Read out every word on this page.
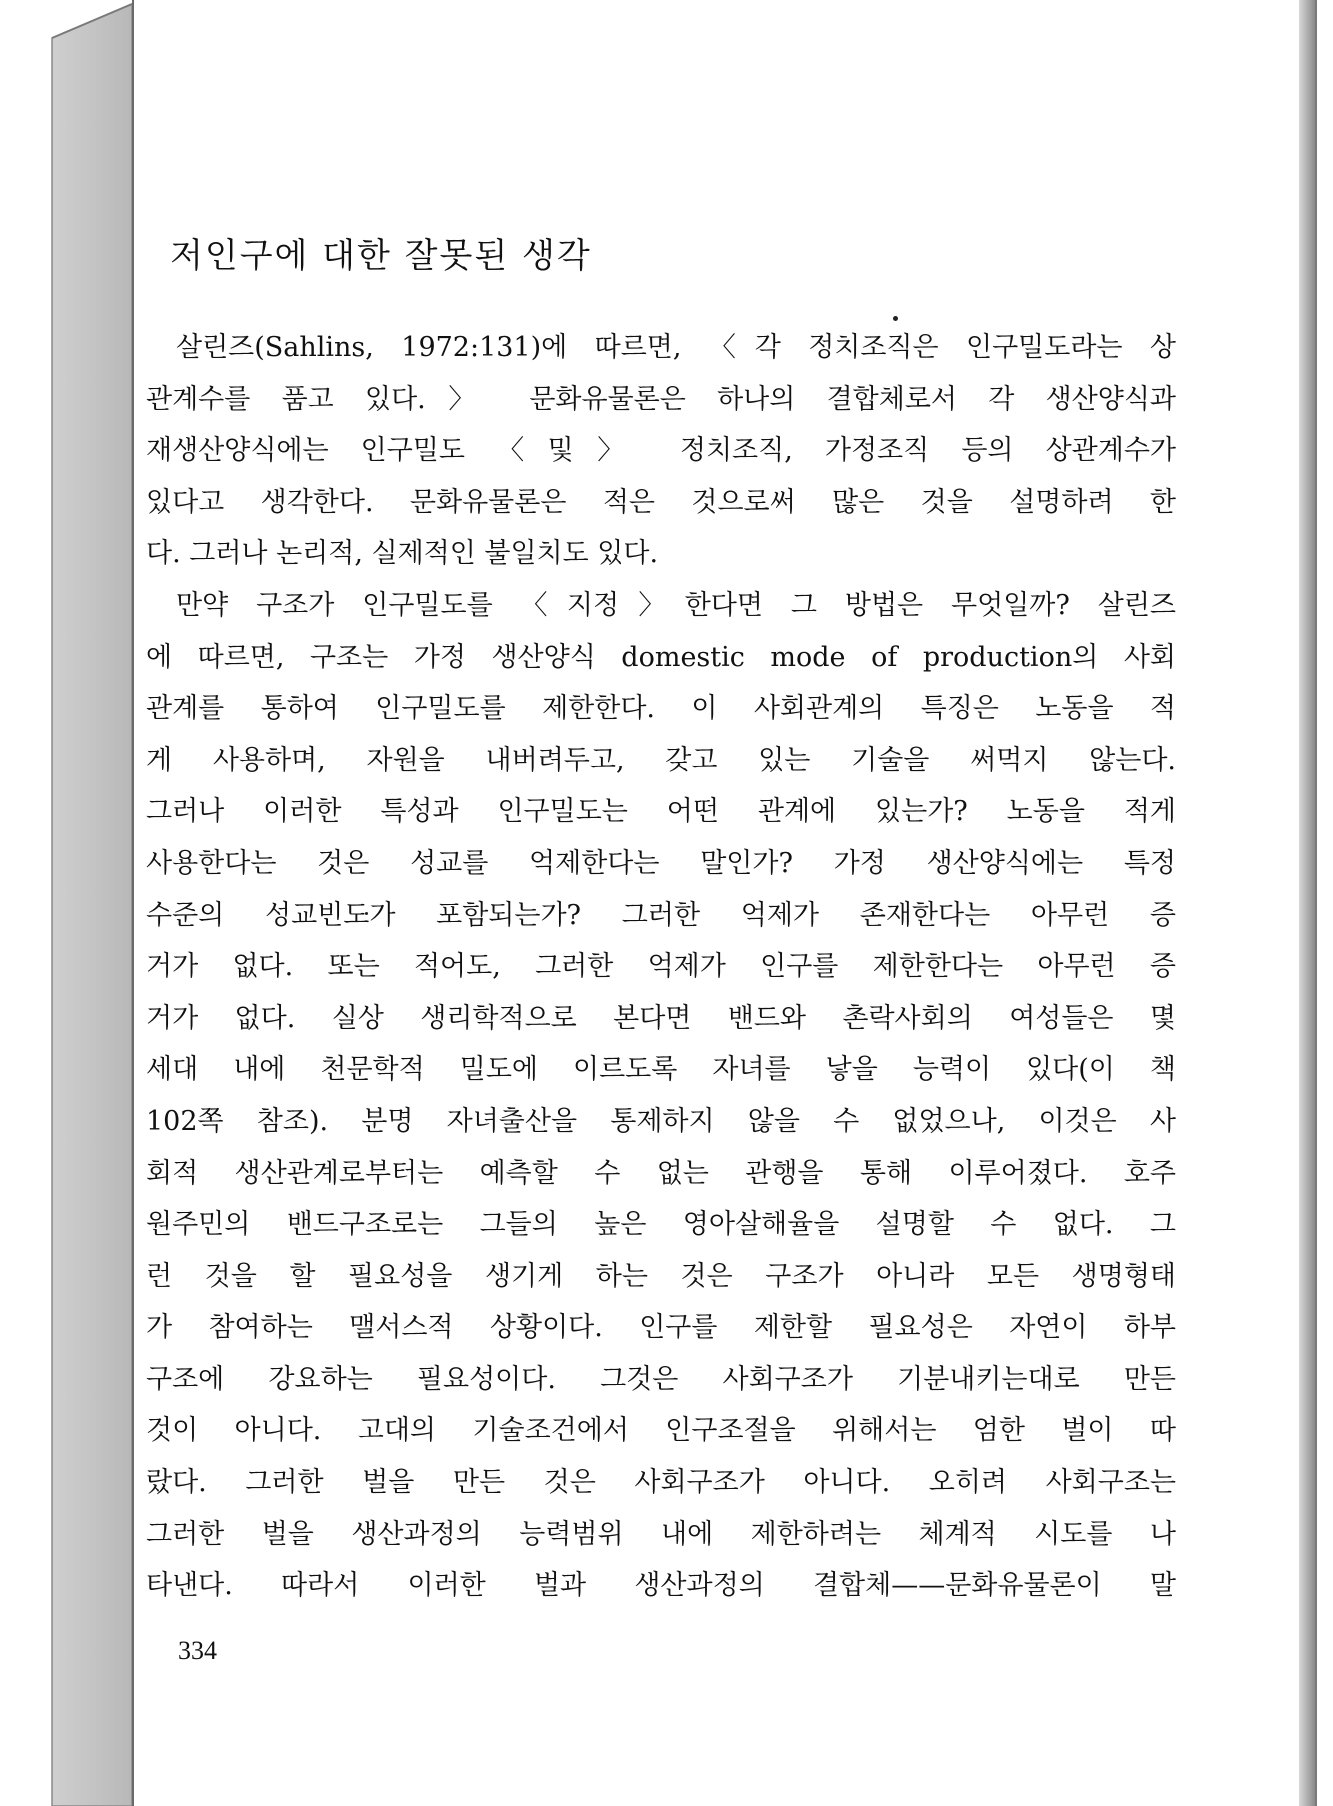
저인구에 대한 잘못된 생각
살린즈(Sahlins, 1972:131)에 따르면, 〈각 정치조직은 인구밀도라는 상
관계수를 품고 있다.〉 문화유물론은 하나의 결합체로서 각 생산양식과
재생산양식에는 인구밀도 〈및〉 정치조직, 가정조직 등의 상관계수가
있다고 생각한다. 문화유물론은 적은 것으로써 많은 것을 설명하려 한
다. 그러나 논리적, 실제적인 불일치도 있다.
만약 구조가 인구밀도를 〈지정〉한다면 그 방법은 무엇일까? 살린즈
에 따르면, 구조는 가정 생산양식 domestic mode of production의 사회
관계를 통하여 인구밀도를 제한한다. 이 사회관계의 특징은 노동을 적
게 사용하며, 자원을 내버려두고, 갖고 있는 기술을 써먹지 않는다.
그러나 이러한 특성과 인구밀도는 어떤 관계에 있는가? 노동을 적게
사용한다는 것은 성교를 억제한다는 말인가? 가정 생산양식에는 특정
수준의 성교빈도가 포함되는가? 그러한 억제가 존재한다는 아무런 증
거가 없다. 또는 적어도, 그러한 억제가 인구를 제한한다는 아무런 증
거가 없다. 실상 생리학적으로 본다면 밴드와 촌락사회의 여성들은 몇
세대 내에 천문학적 밀도에 이르도록 자녀를 낳을 능력이 있다(이 책
102쪽 참조). 분명 자녀출산을 통제하지 않을 수 없었으나, 이것은 사
회적 생산관계로부터는 예측할 수 없는 관행을 통해 이루어졌다. 호주
원주민의 밴드구조로는 그들의 높은 영아살해율을 설명할 수 없다. 그
런 것을 할 필요성을 생기게 하는 것은 구조가 아니라 모든 생명형태
가 참여하는 맬서스적 상황이다. 인구를 제한할 필요성은 자연이 하부
구조에 강요하는 필요성이다. 그것은 사회구조가 기분내키는대로 만든
것이 아니다. 고대의 기술조건에서 인구조절을 위해서는 엄한 벌이 따
랐다. 그러한 벌을 만든 것은 사회구조가 아니다. 오히려 사회구조는
그러한 벌을 생산과정의 능력범위 내에 제한하려는 체계적 시도를 나
타낸다. 따라서 이러한 벌과 생산과정의 결합체——문화유물론이 말

334
